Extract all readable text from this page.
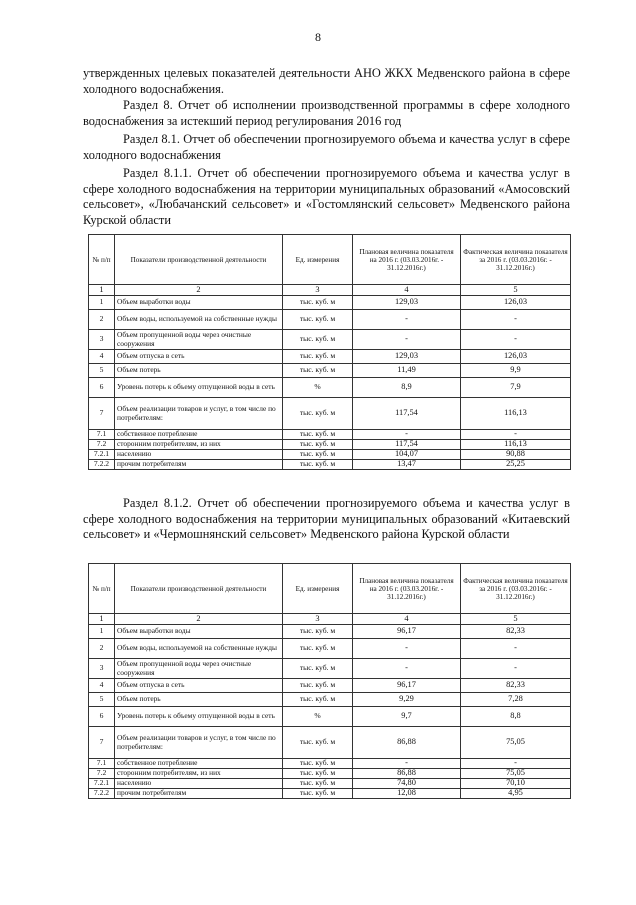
8
утвержденных целевых показателей деятельности АНО ЖКХ Медвенского района в сфере холодного водоснабжения.
Раздел 8. Отчет об исполнении производственной программы в сфере холодного водоснабжения за истекший период регулирования 2016 год
Раздел 8.1. Отчет об обеспечении прогнозируемого объема и качества услуг в сфере холодного водоснабжения
Раздел 8.1.1. Отчет об обеспечении прогнозируемого объема и качества услуг в сфере холодного водоснабжения на территории муниципальных образований «Амосовский сельсовет», «Любачанский сельсовет» и «Гостомлянский сельсовет» Медвенского района Курской области
№ п/п	Показатели производственной деятельности	Ед. измерения	Плановая величина показателя на 2016 г. (03.03.2016г. - 31.12.2016г.)	Фактическая величина показателя за 2016 г. (03.03.2016г. - 31.12.2016г.)
1	2	3	4	5
1	Объем выработки воды	тыс. куб. м	129,03	126,03
2	Объем воды, используемой на собственные нужды	тыс. куб. м	-	-
3	Объем пропущенной воды через очистные сооружения	тыс. куб. м	-	-
4	Объем отпуска в сеть	тыс. куб. м	129,03	126,03
5	Объем потерь	тыс. куб. м	11,49	9,9
6	Уровень потерь к объему отпущенной воды в сеть	%	8,9	7,9
7	Объем реализации товаров и услуг, в том числе по потребителям:	тыс. куб. м	117,54	116,13
7.1	собственное потребление	тыс. куб. м	-	-
7.2	сторонним потребителям, из них	тыс. куб. м	117,54	116,13
7.2.1	населению	тыс. куб. м	104,07	90,88
7.2.2	прочим потребителям	тыс. куб. м	13,47	25,25
Раздел 8.1.2. Отчет об обеспечении прогнозируемого объема и качества услуг в сфере холодного водоснабжения на территории муниципальных образований «Китаевский сельсовет» и «Чермошнянский сельсовет» Медвенского района Курской области
№ п/п	Показатели производственной деятельности	Ед. измерения	Плановая величина показателя на 2016 г. (03.03.2016г. - 31.12.2016г.)	Фактическая величина показателя за 2016 г. (03.03.2016г. - 31.12.2016г.)
1	2	3	4	5
1	Объем выработки воды	тыс. куб. м	96,17	82,33
2	Объем воды, используемой на собственные нужды	тыс. куб. м	-	-
3	Объем пропущенной воды через очистные сооружения	тыс. куб. м	-	-
4	Объем отпуска в сеть	тыс. куб. м	96,17	82,33
5	Объем потерь	тыс. куб. м	9,29	7,28
6	Уровень потерь к объему отпущенной воды в сеть	%	9,7	8,8
7	Объем реализации товаров и услуг, в том числе по потребителям:	тыс. куб. м	86,88	75,05
7.1	собственное потребление	тыс. куб. м	-	-
7.2	сторонним потребителям, из них	тыс. куб. м	86,88	75,05
7.2.1	населению	тыс. куб. м	74,80	70,10
7.2.2	прочим потребителям	тыс. куб. м	12,08	4,95
